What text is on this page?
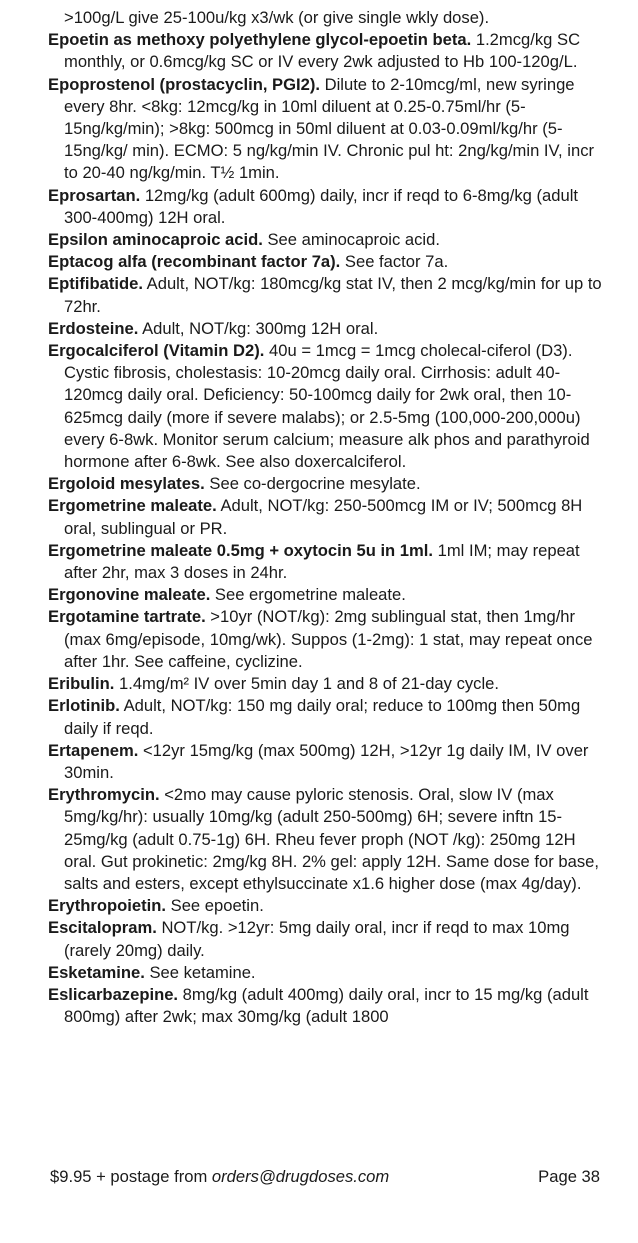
>100g/L give 25-100u/kg x3/wk (or give single wkly dose).

Epoetin as methoxy polyethylene glycol-epoetin beta. 1.2mcg/kg SC monthly, or 0.6mcg/kg SC or IV every 2wk adjusted to Hb 100-120g/L.

Epoprostenol (prostacyclin, PGI2). Dilute to 2-10mcg/ml, new syringe every 8hr. <8kg: 12mcg/kg in 10ml diluent at 0.25-0.75ml/hr (5-15ng/kg/min); >8kg: 500mcg in 50ml diluent at 0.03-0.09ml/kg/hr (5-15ng/kg/ min). ECMO: 5 ng/kg/min IV. Chronic pul ht: 2ng/kg/min IV, incr to 20-40 ng/kg/min. T½ 1min.

Eprosartan. 12mg/kg (adult 600mg) daily, incr if reqd to 6-8mg/kg (adult 300-400mg) 12H oral.

Epsilon aminocaproic acid. See aminocaproic acid.

Eptacog alfa (recombinant factor 7a). See factor 7a.

Eptifibatide. Adult, NOT/kg: 180mcg/kg stat IV, then 2 mcg/kg/min for up to 72hr.

Erdosteine. Adult, NOT/kg: 300mg 12H oral.

Ergocalciferol (Vitamin D2). 40u = 1mcg = 1mcg cholecal-ciferol (D3). Cystic fibrosis, cholestasis: 10-20mcg daily oral. Cirrhosis: adult 40-120mcg daily oral. Deficiency: 50-100mcg daily for 2wk oral, then 10-625mcg daily (more if severe malabs); or 2.5-5mg (100,000-200,000u) every 6-8wk. Monitor serum calcium; measure alk phos and parathyroid hormone after 6-8wk. See also doxercalciferol.

Ergoloid mesylates. See co-dergocrine mesylate.

Ergometrine maleate. Adult, NOT/kg: 250-500mcg IM or IV; 500mcg 8H oral, sublingual or PR.

Ergometrine maleate 0.5mg + oxytocin 5u in 1ml. 1ml IM; may repeat after 2hr, max 3 doses in 24hr.

Ergonovine maleate. See ergometrine maleate.

Ergotamine tartrate. >10yr (NOT/kg): 2mg sublingual stat, then 1mg/hr (max 6mg/episode, 10mg/wk). Suppos (1-2mg): 1 stat, may repeat once after 1hr. See caffeine, cyclizine.

Eribulin. 1.4mg/m² IV over 5min day 1 and 8 of 21-day cycle.

Erlotinib. Adult, NOT/kg: 150 mg daily oral; reduce to 100mg then 50mg daily if reqd.

Ertapenem. <12yr 15mg/kg (max 500mg) 12H, >12yr 1g daily IM, IV over 30min.

Erythromycin. <2mo may cause pyloric stenosis. Oral, slow IV (max 5mg/kg/hr): usually 10mg/kg (adult 250-500mg) 6H; severe inftn 15-25mg/kg (adult 0.75-1g) 6H. Rheu fever proph (NOT /kg): 250mg 12H oral. Gut prokinetic: 2mg/kg 8H. 2% gel: apply 12H. Same dose for base, salts and esters, except ethylsuccinate x1.6 higher dose (max 4g/day).

Erythropoietin. See epoetin.

Escitalopram. NOT/kg. >12yr: 5mg daily oral, incr if reqd to max 10mg (rarely 20mg) daily.

Esketamine. See ketamine.

Eslicarbazepine. 8mg/kg (adult 400mg) daily oral, incr to 15 mg/kg (adult 800mg) after 2wk; max 30mg/kg (adult 1800

$9.95 + postage from orders@drugdoses.com	Page 38
